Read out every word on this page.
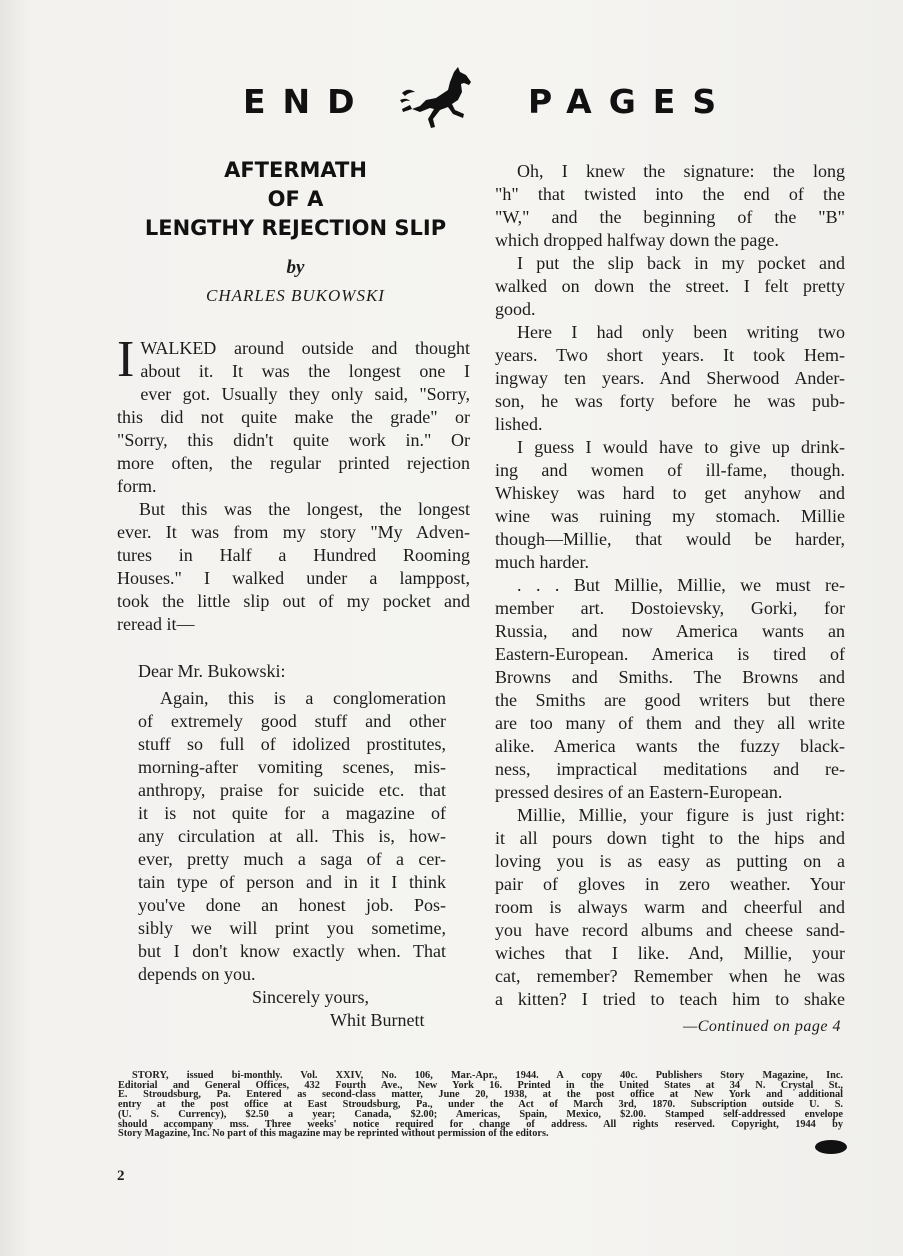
END	PAGES
AFTERMATH
OF A
LENGTHY REJECTION SLIP
by
CHARLES BUKOWSKI
I WALKED around outside and thought
about it. It was the longest one I
ever got. Usually they only said, "Sorry,
this did not quite make the grade" or
"Sorry, this didn't quite work in." Or
more often, the regular printed rejection
form.
But this was the longest, the longest
ever. It was from my story "My Adven-
tures in Half a Hundred Rooming
Houses." I walked under a lamppost,
took the little slip out of my pocket and
reread it—
Dear Mr. Bukowski:
Again, this is a conglomeration
of extremely good stuff and other
stuff so full of idolized prostitutes,
morning-after vomiting scenes, mis-
anthropy, praise for suicide etc. that
it is not quite for a magazine of
any circulation at all. This is, how-
ever, pretty much a saga of a cer-
tain type of person and in it I think
you've done an honest job. Pos-
sibly we will print you sometime,
but I don't know exactly when. That
depends on you.
Sincerely yours,
Whit Burnett
Oh, I knew the signature: the long
"h" that twisted into the end of the
"W," and the beginning of the "B"
which dropped halfway down the page.
I put the slip back in my pocket and
walked on down the street. I felt pretty
good.
Here I had only been writing two
years. Two short years. It took Hem-
ingway ten years. And Sherwood Ander-
son, he was forty before he was pub-
lished.
I guess I would have to give up drink-
ing and women of ill-fame, though.
Whiskey was hard to get anyhow and
wine was ruining my stomach. Millie
though—Millie, that would be harder,
much harder.
. . . But Millie, Millie, we must re-
member art. Dostoievsky, Gorki, for
Russia, and now America wants an
Eastern-European. America is tired of
Browns and Smiths. The Browns and
the Smiths are good writers but there
are too many of them and they all write
alike. America wants the fuzzy black-
ness, impractical meditations and re-
pressed desires of an Eastern-European.
Millie, Millie, your figure is just right:
it all pours down tight to the hips and
loving you is as easy as putting on a
pair of gloves in zero weather. Your
room is always warm and cheerful and
you have record albums and cheese sand-
wiches that I like. And, Millie, your
cat, remember? Remember when he was
a kitten? I tried to teach him to shake
—Continued on page 4
STORY, issued bi-monthly. Vol. XXIV, No. 106, Mar.-Apr., 1944. A copy 40c. Publishers Story Magazine, Inc.
Editorial and General Offices, 432 Fourth Ave., New York 16. Printed in the United States at 34 N. Crystal St.,
E. Stroudsburg, Pa. Entered as second-class matter, June 20, 1938, at the post office at New York and additional
entry at the post office at East Stroudsburg, Pa., under the Act of March 3rd, 1870. Subscription outside U. S.
(U. S. Currency), $2.50 a year; Canada, $2.00; Americas, Spain, Mexico, $2.00. Stamped self-addressed envelope
should accompany mss. Three weeks' notice required for change of address. All rights reserved. Copyright, 1944 by
Story Magazine, Inc. No part of this magazine may be reprinted without permission of the editors.
2
